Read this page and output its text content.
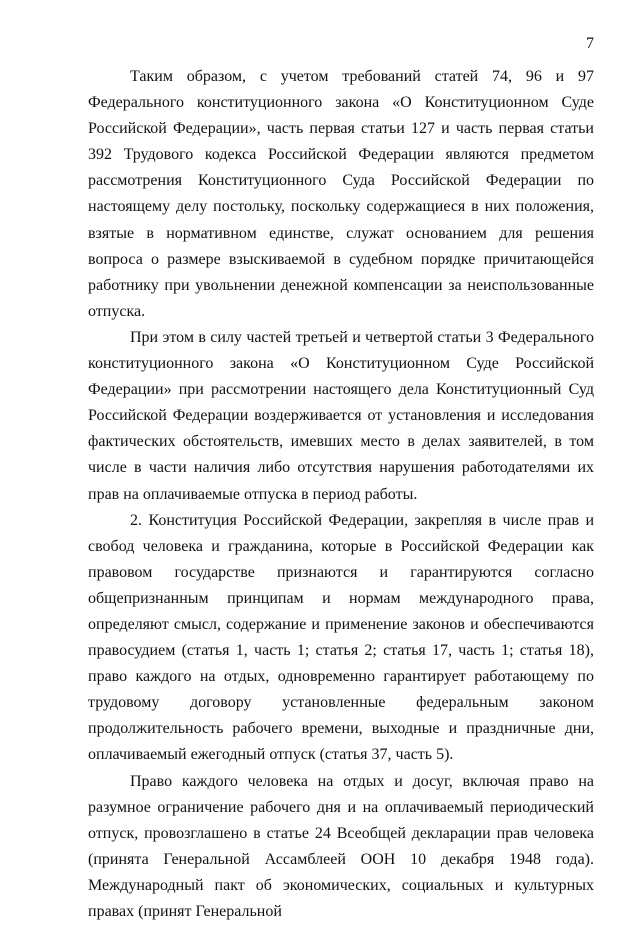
7

Таким образом, с учетом требований статей 74, 96 и 97 Федерального конституционного закона «О Конституционном Суде Российской Федерации», часть первая статьи 127 и часть первая статьи 392 Трудового кодекса Российской Федерации являются предметом рассмотрения Конституционного Суда Российской Федерации по настоящему делу постольку, поскольку содержащиеся в них положения, взятые в нормативном единстве, служат основанием для решения вопроса о размере взыскиваемой в судебном порядке причитающейся работнику при увольнении денежной компенсации за неиспользованные отпуска.

При этом в силу частей третьей и четвертой статьи 3 Федерального конституционного закона «О Конституционном Суде Российской Федерации» при рассмотрении настоящего дела Конституционный Суд Российской Федерации воздерживается от установления и исследования фактических обстоятельств, имевших место в делах заявителей, в том числе в части наличия либо отсутствия нарушения работодателями их прав на оплачиваемые отпуска в период работы.

2. Конституция Российской Федерации, закрепляя в числе прав и свобод человека и гражданина, которые в Российской Федерации как правовом государстве признаются и гарантируются согласно общепризнанным принципам и нормам международного права, определяют смысл, содержание и применение законов и обеспечиваются правосудием (статья 1, часть 1; статья 2; статья 17, часть 1; статья 18), право каждого на отдых, одновременно гарантирует работающему по трудовому договору установленные федеральным законом продолжительность рабочего времени, выходные и праздничные дни, оплачиваемый ежегодный отпуск (статья 37, часть 5).

Право каждого человека на отдых и досуг, включая право на разумное ограничение рабочего дня и на оплачиваемый периодический отпуск, провозглашено в статье 24 Всеобщей декларации прав человека (принята Генеральной Ассамблеей ООН 10 декабря 1948 года). Международный пакт об экономических, социальных и культурных правах (принят Генеральной
